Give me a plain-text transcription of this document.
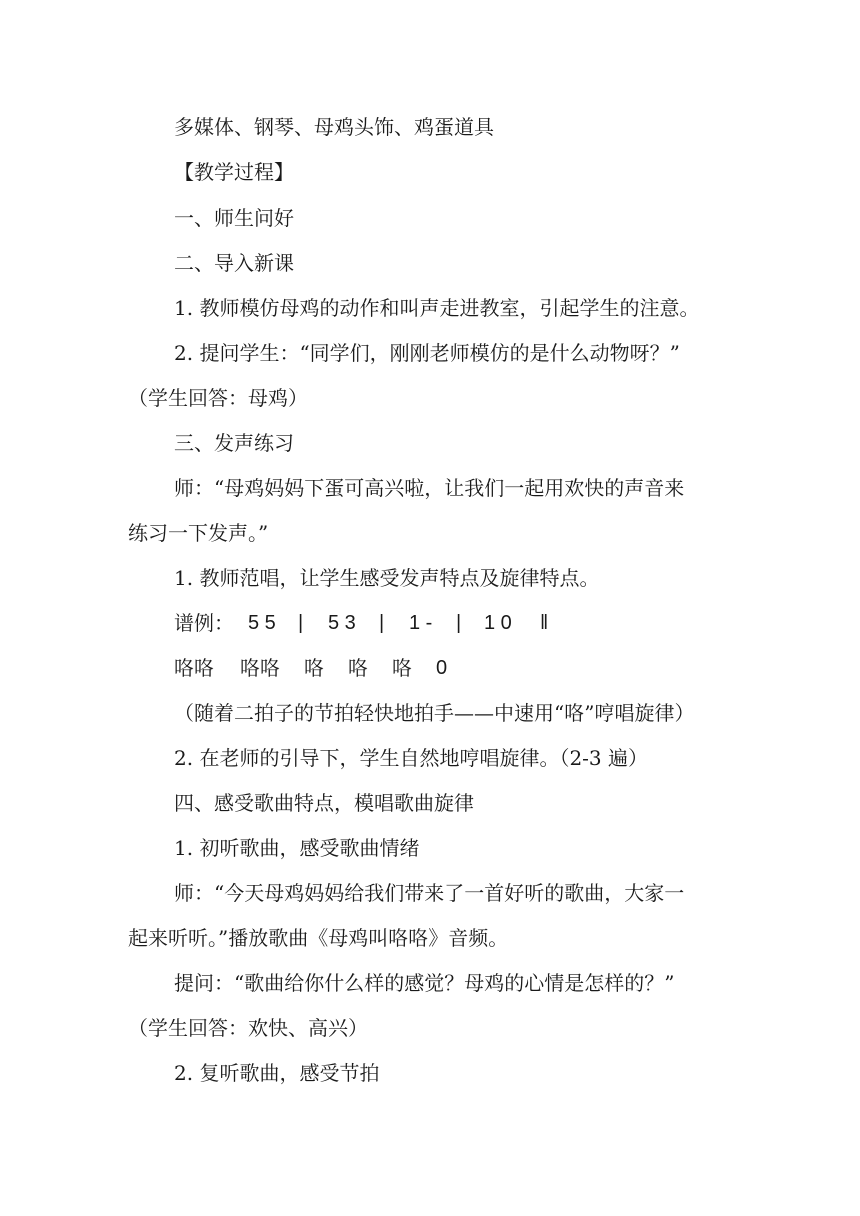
多媒体、钢琴、母鸡头饰、鸡蛋道具
【教学过程】
一、师生问好
二、导入新课
1. 教师模仿母鸡的动作和叫声走进教室，引起学生的注意。
2. 提问学生：“同学们，刚刚老师模仿的是什么动物呀？”
（学生回答：母鸡）
三、发声练习
师：“母鸡妈妈下蛋可高兴啦，让我们一起用欢快的声音来
练习一下发声。”
1. 教师范唱，让学生感受发声特点及旋律特点。
谱例： 5 5 | 5 3 | 1 - | 1 0 ‖
咯咯 咯咯 咯 咯 咯 0
（随着二拍子的节拍轻快地拍手——中速用“咯”哼唱旋律）
2. 在老师的引导下，学生自然地哼唱旋律。（2-3 遍）
四、感受歌曲特点，模唱歌曲旋律
1. 初听歌曲，感受歌曲情绪
师：“今天母鸡妈妈给我们带来了一首好听的歌曲，大家一
起来听听。”播放歌曲《母鸡叫咯咯》音频。
提问：“歌曲给你什么样的感觉？母鸡的心情是怎样的？”
（学生回答：欢快、高兴）
2. 复听歌曲，感受节拍
